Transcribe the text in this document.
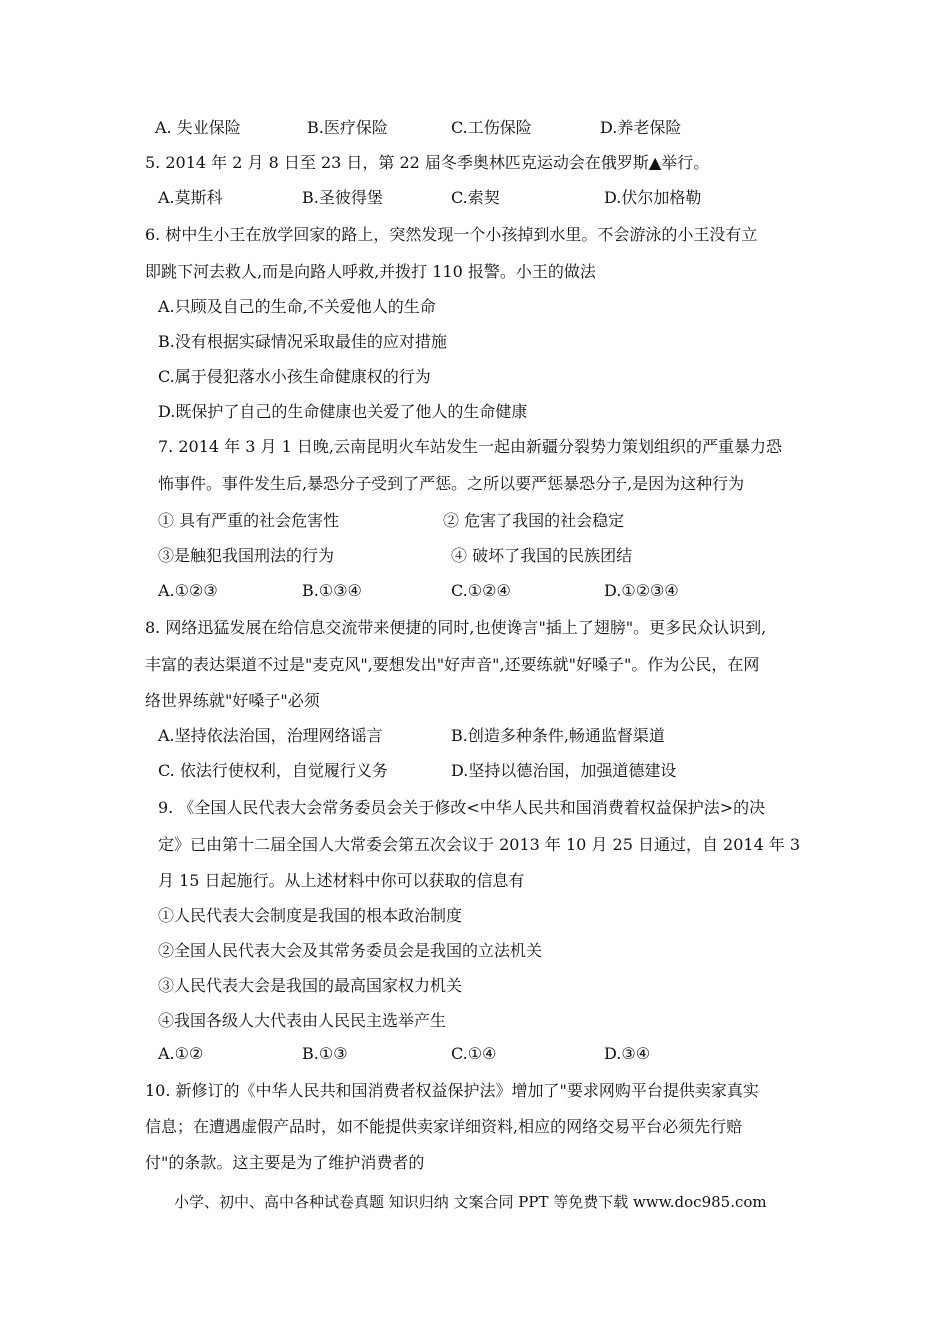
A. 失业保险	B.医疗保险	C.工伤保险	D.养老保险
5. 2014 年 2 月 8 日至 23 日，第 22 届冬季奥林匹克运动会在俄罗斯▲举行。
A.莫斯科	B.圣彼得堡	C.索契	D.伏尔加格勒
6. 树中生小王在放学回家的路上，突然发现一个小孩掉到水里。不会游泳的小王没有立
即跳下河去救人,而是向路人呼救,并拨打 110 报警。小王的做法
A.只顾及自己的生命,不关爱他人的生命
B.没有根据实碌情况采取最佳的应对措施
C.属于侵犯落水小孩生命健康权的行为
D.既保护了自己的生命健康也关爱了他人的生命健康
7. 2014 年 3 月 1 日晚,云南昆明火车站发生一起由新疆分裂势力策划组织的严重暴力恐
怖事件。事件发生后,暴恐分子受到了严惩。之所以要严惩暴恐分子,是因为这种行为
① 具有严重的社会危害性	② 危害了我国的社会稳定
③是触犯我国刑法的行为	④ 破坏了我国的民族团结
A.①②③	B.①③④	C.①②④	D.①②③④
8. 网络迅猛发展在给信息交流带来便捷的同时,也使谗言"插上了翅膀"。更多民众认识到,
丰富的表达渠道不过是"麦克风",要想发出"好声音",还要练就"好嗓子"。作为公民，在网
络世界练就"好嗓子"必须
A.坚持依法治国，治理网络谣言	B.创造多种条件,畅通监督渠道
C. 依法行使权利，自觉履行义务	D.坚持以德治国，加强道德建设
9. 《全国人民代表大会常务委员会关于修改<中华人民共和国消费着权益保护法>的决
定》已由第十二届全国人大常委会第五次会议于 2013 年 10 月 25 日通过，自 2014 年 3
月 15 日起施行。从上述材料中你可以获取的信息有
①人民代表大会制度是我国的根本政治制度
②全国人民代表大会及其常务委员会是我国的立法机关
③人民代表大会是我国的最高国家权力机关
④我国各级人大代表由人民民主选举产生
A.①②	B.①③	C.①④	D.③④
10. 新修订的《中华人民共和国消费者权益保护法》增加了"要求网购平台提供卖家真实
信息；在遭遇虚假产品时，如不能提供卖家详细资料,相应的网络交易平台必须先行赔
付"的条款。这主要是为了维护消费者的
小学、初中、高中各种试卷真题 知识归纳 文案合同 PPT 等免费下载 www.doc985.com
